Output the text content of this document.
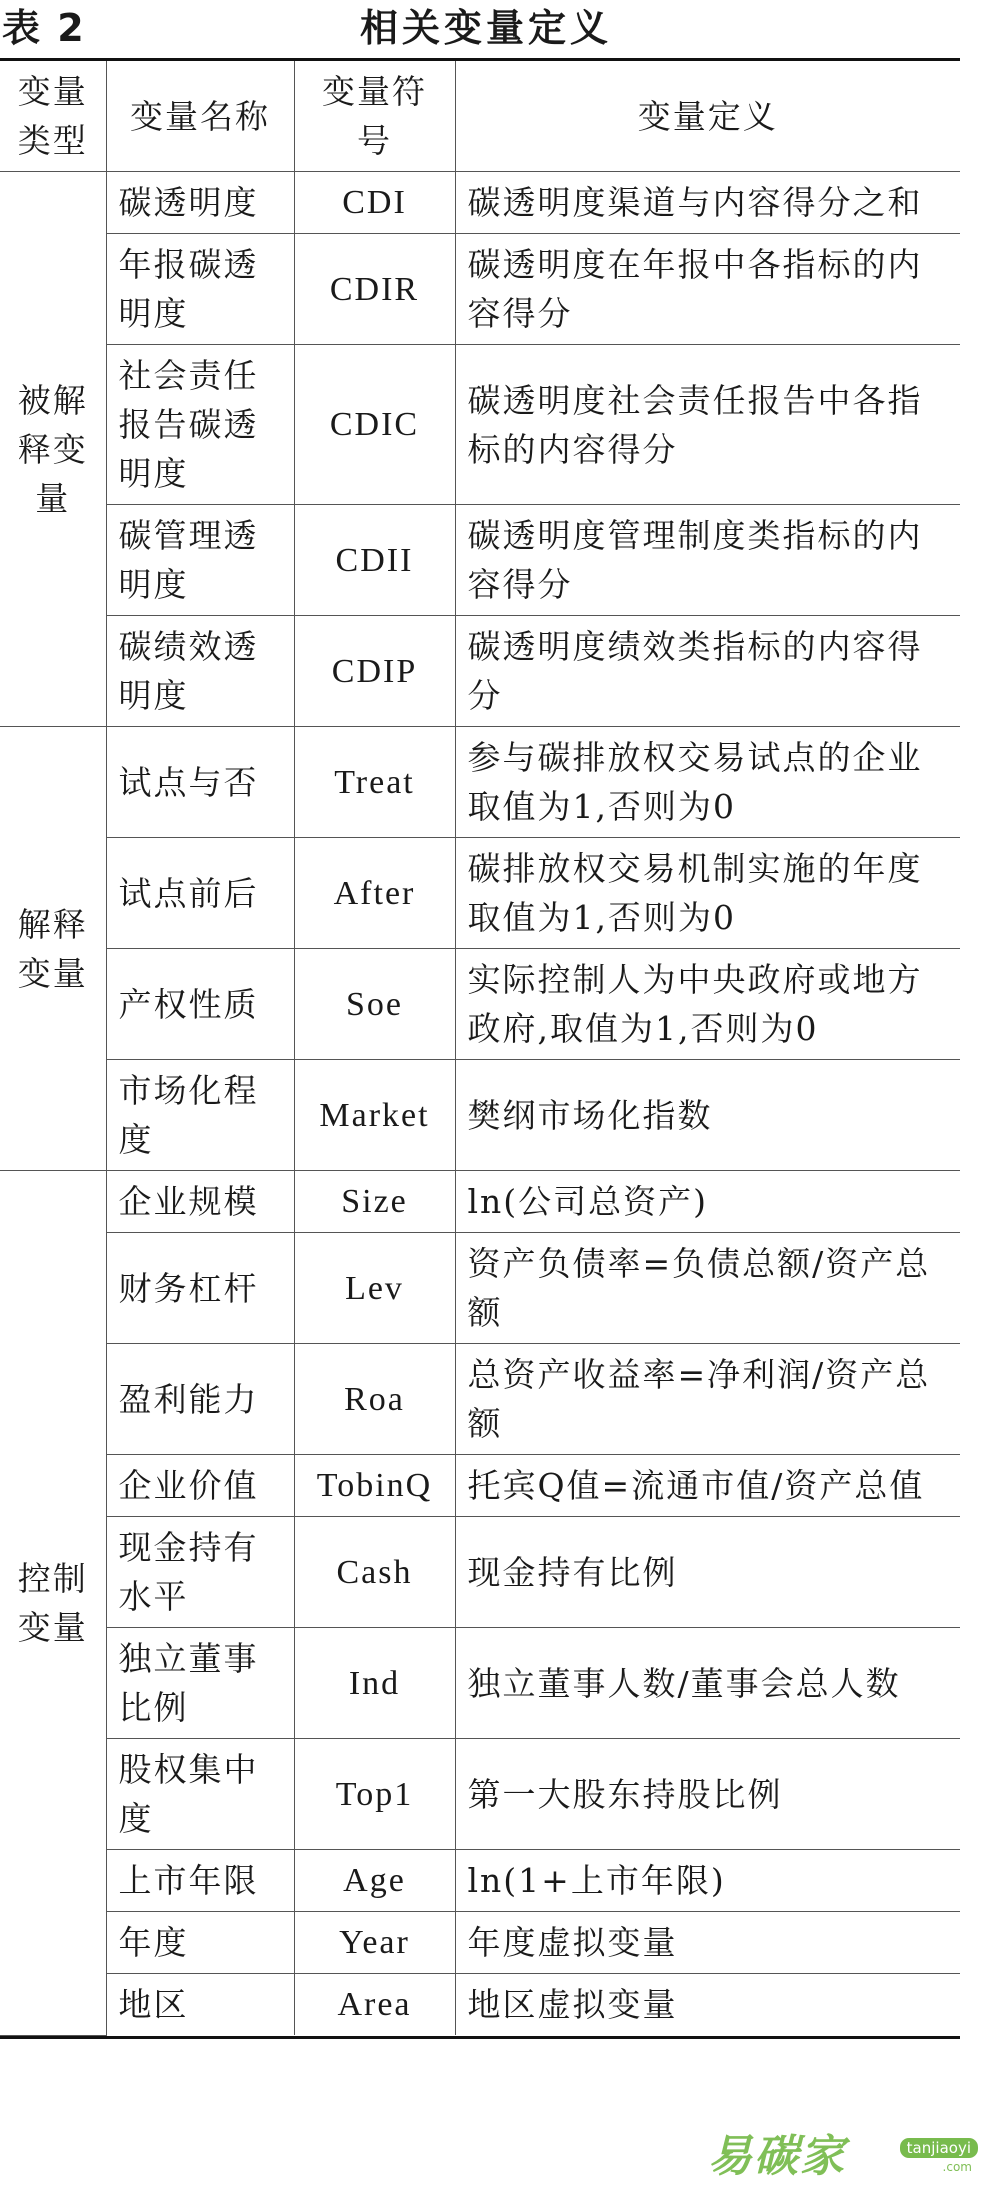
表 2	相关变量定义
变量类型	变量名称	变量符号	变量定义
被解释变量	碳透明度	CDI	碳透明度渠道与内容得分之和
	年报碳透明度	CDIR	碳透明度在年报中各指标的内容得分
	社会责任报告碳透明度	CDIC	碳透明度社会责任报告中各指标的内容得分
	碳管理透明度	CDII	碳透明度管理制度类指标的内容得分
	碳绩效透明度	CDIP	碳透明度绩效类指标的内容得分
解释变量	试点与否	Treat	参与碳排放权交易试点的企业取值为1,否则为0
	试点前后	After	碳排放权交易机制实施的年度取值为1,否则为0
	产权性质	Soe	实际控制人为中央政府或地方政府,取值为1,否则为0
	市场化程度	Market	樊纲市场化指数
控制变量	企业规模	Size	ln(公司总资产)
	财务杠杆	Lev	资产负债率=负债总额/资产总额
	盈利能力	Roa	总资产收益率=净利润/资产总额
	企业价值	TobinQ	托宾Q值=流通市值/资产总值
	现金持有水平	Cash	现金持有比例
	独立董事比例	Ind	独立董事人数/董事会总人数
	股权集中度	Top1	第一大股东持股比例
	上市年限	Age	ln(1+上市年限)
	年度	Year	年度虚拟变量
	地区	Area	地区虚拟变量
易碳家	tanjiaoyi
.com
